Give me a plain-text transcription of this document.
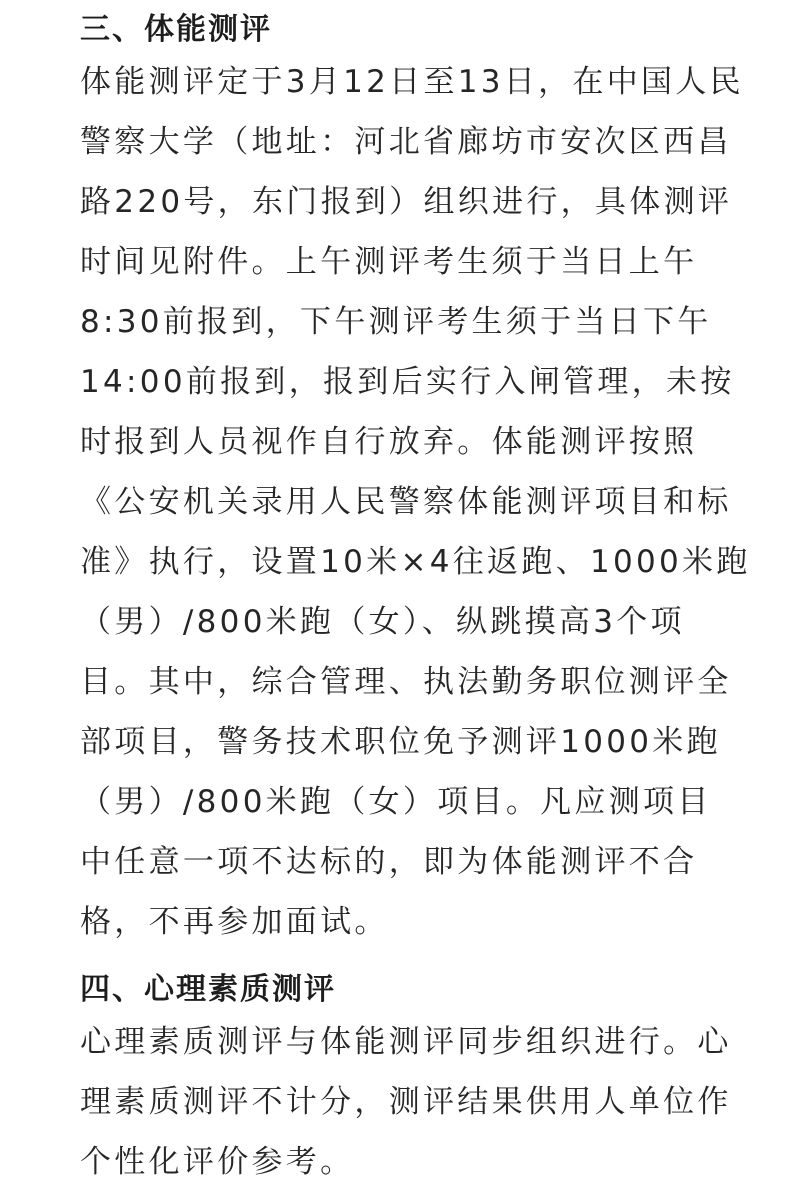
三、体能测评
体能测评定于3月12日至13日，在中国人民
警察大学（地址：河北省廊坊市安次区西昌
路220号，东门报到）组织进行，具体测评
时间见附件。上午测评考生须于当日上午
8:30前报到，下午测评考生须于当日下午
14:00前报到，报到后实行入闸管理，未按
时报到人员视作自行放弃。体能测评按照
《公安机关录用人民警察体能测评项目和标
准》执行，设置10米×4往返跑、1000米跑
（男）/800米跑（女）、纵跳摸高3个项
目。其中，综合管理、执法勤务职位测评全
部项目，警务技术职位免予测评1000米跑
（男）/800米跑（女）项目。凡应测项目
中任意一项不达标的，即为体能测评不合
格，不再参加面试。
四、心理素质测评
心理素质测评与体能测评同步组织进行。心
理素质测评不计分，测评结果供用人单位作
个性化评价参考。
